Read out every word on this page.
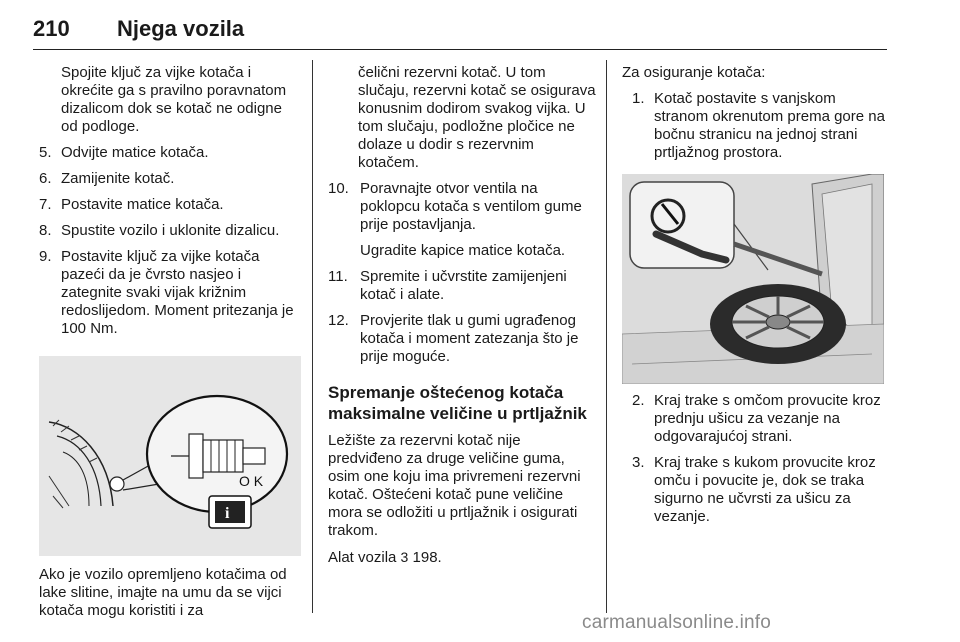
210 Njega vozila

Spojite ključ za vijke kotača i okrećite ga s pravilno poravnatom dizalicom dok se kotač ne odigne od podloge.

5. Odvijte matice kotača.
6. Zamijenite kotač.
7. Postavite matice kotača.
8. Spustite vozilo i uklonite dizalicu.
9. Postavite ključ za vijke kotača pazeći da je čvrsto nasjeo i zategnite svaki vijak križnim redoslijedom. Moment pritezanja je 100 Nm.
O K
i

Ako je vozilo opremljeno kotačima od lake slitine, imajte na umu da se vijci kotača mogu koristiti i za

čelični rezervni kotač. U tom slučaju, rezervni kotač se osigurava konusnim dodirom svakog vijka. U tom slučaju, podložne pločice ne dolaze u dodir s rezervnim kotačem.

10. Poravnajte otvor ventila na poklopcu kotača s ventilom gume prije postavljanja.

Ugradite kapice matice kotača.

11. Spremite i učvrstite zamijenjeni kotač i alate.
12. Provjerite tlak u gumi ugrađenog kotača i moment zatezanja što je prije moguće.
Spremanje oštećenog kotača maksimalne veličine u prtljažnik

Ležište za rezervni kotač nije predviđeno za druge veličine guma, osim one koju ima privremeni rezervni kotač. Oštećeni kotač pune veličine mora se odložiti u prtljažnik i osigurati trakom.

Alat vozila 3 198.

Za osiguranje kotača:

1. Kotač postavite s vanjskom stranom okrenutom prema gore na bočnu stranicu na jednoj strani prtljažnog prostora.
2. Kraj trake s omčom provucite kroz prednju ušicu za vezanje na odgovarajućoj strani.
3. Kraj trake s kukom provucite kroz omču i povucite je, dok se traka sigurno ne učvrsti za ušicu za vezanje.
carmanualsonline.info
